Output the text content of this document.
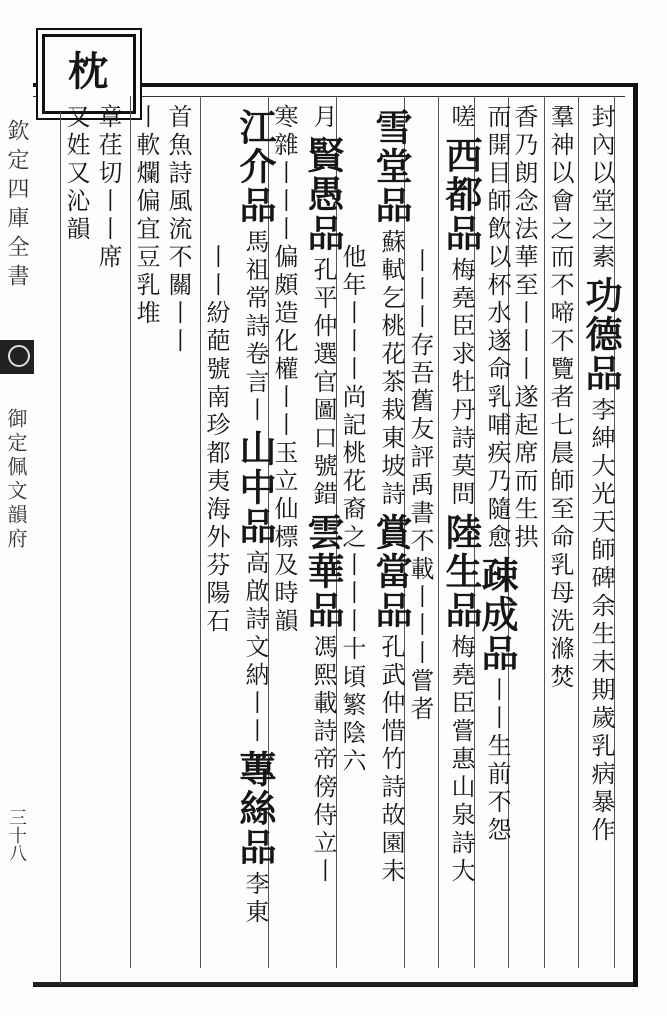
枕
封內以堂之素功德品李紳大光天師碑余生未期歲乳病暴作
羣神以會之而不啼不覽者七晨師至命乳母洗滌焚
香乃朗念法華至丨丨丨遂起席而生拱
而開目師飲以杯水遂命乳哺疾乃隨愈疎成品丨丨生前不怨
嗟西都品梅堯臣求牡丹詩莫問陸生品梅堯臣嘗惠山泉詩大
丨丨丨存吾舊友評禹書不載丨丨丨嘗者
雪堂品蘇軾乞桃花茶栽東坡詩賞當品孔武仲惜竹詩故園未
他年丨丨丨尚記桃花裔之丨丨丨十頃繁陰六
月賢愚品孔平仲選官圖口號錯雲華品馮熙載詩帝傍侍立丨
寒雜丨丨丨偏頗造化權丨丨玉立仙標及時韻
江介品馬祖常詩卷言丨山中品高啟詩文納丨丨蓴絲品李東
丨丨紛葩號南珍都夷海外芬陽石
首魚詩風流不關丨丨
丨軟爛偏宜豆乳堆
章荏切丨丨席
又姓又沁韻
欽定四庫全書
御定佩文韻府
三十八
